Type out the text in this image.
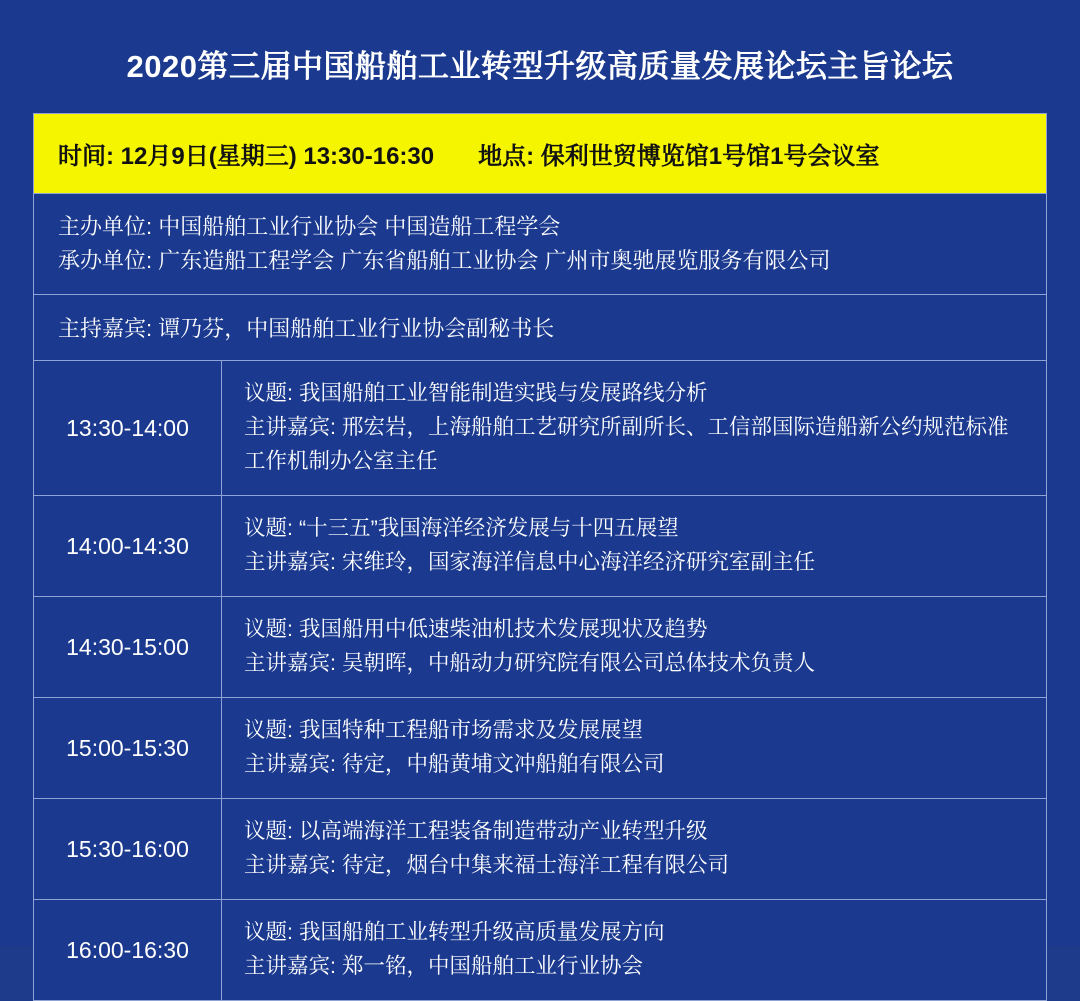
2020第三届中国船舶工业转型升级高质量发展论坛主旨论坛
时间: 12月9日(星期三) 13:30-16:30 地点: 保利世贸博览馆1号馆1号会议室
主办单位: 中国船舶工业行业协会 中国造船工程学会
承办单位: 广东造船工程学会 广东省船舶工业协会 广州市奥驰展览服务有限公司
主持嘉宾: 谭乃芬，中国船舶工业行业协会副秘书长
13:30-14:00
议题: 我国船舶工业智能制造实践与发展路线分析
主讲嘉宾: 邢宏岩，上海船舶工艺研究所副所长、工信部国际造船新公约规范标准工作机制办公室主任
14:00-14:30
议题: “十三五”我国海洋经济发展与十四五展望
主讲嘉宾: 宋维玲，国家海洋信息中心海洋经济研究室副主任
14:30-15:00
议题: 我国船用中低速柴油机技术发展现状及趋势
主讲嘉宾: 吴朝晖，中船动力研究院有限公司总体技术负责人
15:00-15:30
议题: 我国特种工程船市场需求及发展展望
主讲嘉宾: 待定，中船黄埔文冲船舶有限公司
15:30-16:00
议题: 以高端海洋工程装备制造带动产业转型升级
主讲嘉宾: 待定，烟台中集来福士海洋工程有限公司
16:00-16:30
议题: 我国船舶工业转型升级高质量发展方向
主讲嘉宾: 郑一铭，中国船舶工业行业协会
